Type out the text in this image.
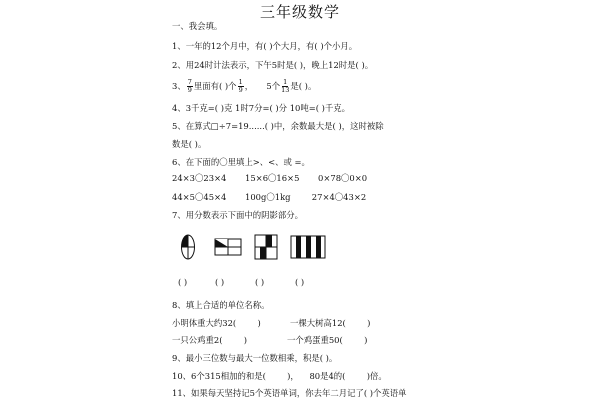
三年级数学
一、我会填。
1、一年的12个月中，有( )个大月，有( )个小月。
2、用24时计法表示，下午5时是( )，晚上12时是( )。
3、 $\frac{7}{9}$ 里面有( )个 $\frac{1}{9}$ ，     5个 $\frac{1}{13}$ 是( )。
4、3千克=( )克 1时7分=( )分 10吨=( )千克。
5、在算式□÷7=19......( )中，余数最大是( )，这时被除
数是( )。
6、在下面的〇里填上>、<、或 =。
24×3〇23×4       15×6〇16×5       0×78〇0×0
44×5〇45×4       100g〇1kg        27×4〇43×2
7、用分数表示下面中的阴影部分。
( )	( )	( )	( )
8、填上合适的单位名称。
小明体重大约32(        )           一棵大树高12(        )
一只公鸡重2(        )               一个鸡蛋重50(        )
9、最小三位数与最大一位数相乘，积是( )。
10、6个315相加的和是(        )，    80是4的(        )倍。
11、如果每天坚持记5个英语单词，你去年二月记了( )个英语单
